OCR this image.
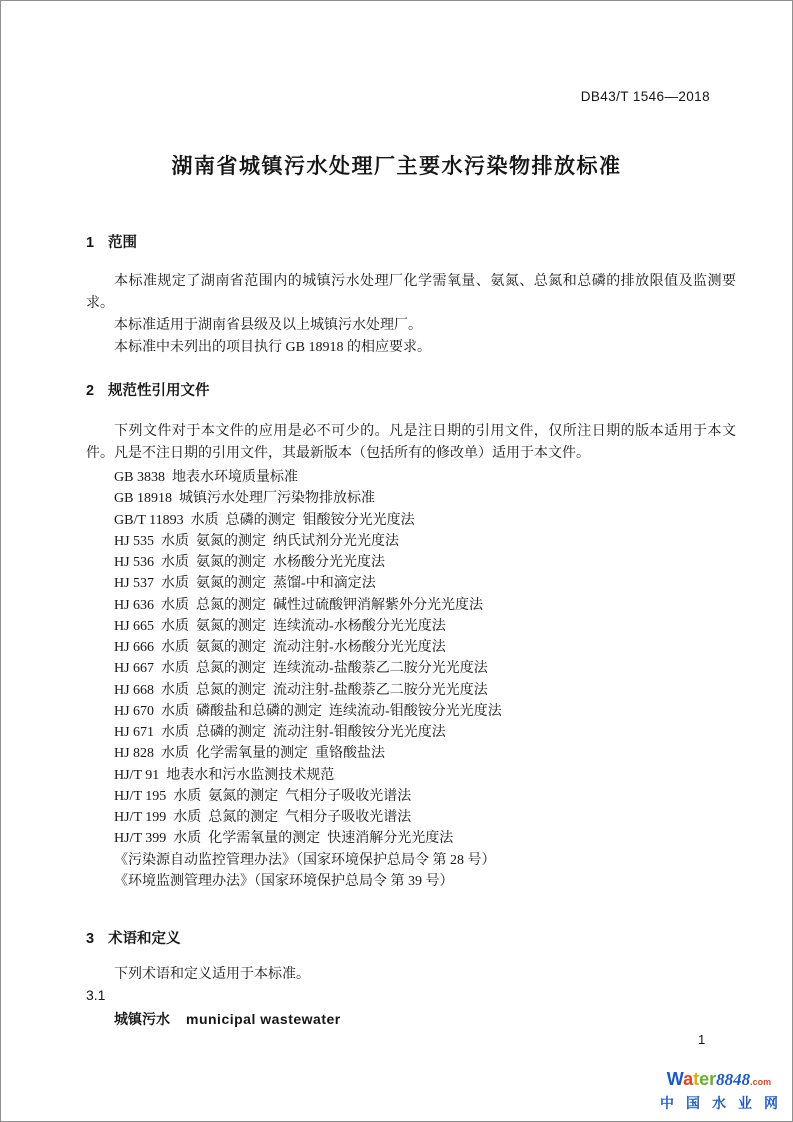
DB43/T 1546—2018
湖南省城镇污水处理厂主要水污染物排放标准
1 范围

本标准规定了湖南省范围内的城镇污水处理厂化学需氧量、氨氮、总氮和总磷的排放限值及监测要求。

本标准适用于湖南省县级及以上城镇污水处理厂。

本标准中未列出的项目执行 GB 18918 的相应要求。

2 规范性引用文件

下列文件对于本文件的应用是必不可少的。凡是注日期的引用文件，仅所注日期的版本适用于本文件。凡是不注日期的引用文件，其最新版本（包括所有的修改单）适用于本文件。

GB 3838  地表水环境质量标准
GB 18918  城镇污水处理厂污染物排放标准
GB/T 11893  水质  总磷的测定  钼酸铵分光光度法
HJ 535  水质  氨氮的测定  纳氏试剂分光光度法
HJ 536  水质  氨氮的测定  水杨酸分光光度法
HJ 537  水质  氨氮的测定  蒸馏-中和滴定法
HJ 636  水质  总氮的测定  碱性过硫酸钾消解紫外分光光度法
HJ 665  水质  氨氮的测定  连续流动-水杨酸分光光度法
HJ 666  水质  氨氮的测定  流动注射-水杨酸分光光度法
HJ 667  水质  总氮的测定  连续流动-盐酸萘乙二胺分光光度法
HJ 668  水质  总氮的测定  流动注射-盐酸萘乙二胺分光光度法
HJ 670  水质  磷酸盐和总磷的测定  连续流动-钼酸铵分光光度法
HJ 671  水质  总磷的测定  流动注射-钼酸铵分光光度法
HJ 828  水质  化学需氧量的测定  重铬酸盐法
HJ/T 91  地表水和污水监测技术规范
HJ/T 195  水质  氨氮的测定  气相分子吸收光谱法
HJ/T 199  水质  总氮的测定  气相分子吸收光谱法
HJ/T 399  水质  化学需氧量的测定  快速消解分光光度法
《污染源自动监控管理办法》（国家环境保护总局令 第 28 号）
《环境监测管理办法》（国家环境保护总局令 第 39 号）
3 术语和定义

下列术语和定义适用于本标准。

3.1

城镇污水 municipal wastewater

1
Water8848.com
中国水业网
